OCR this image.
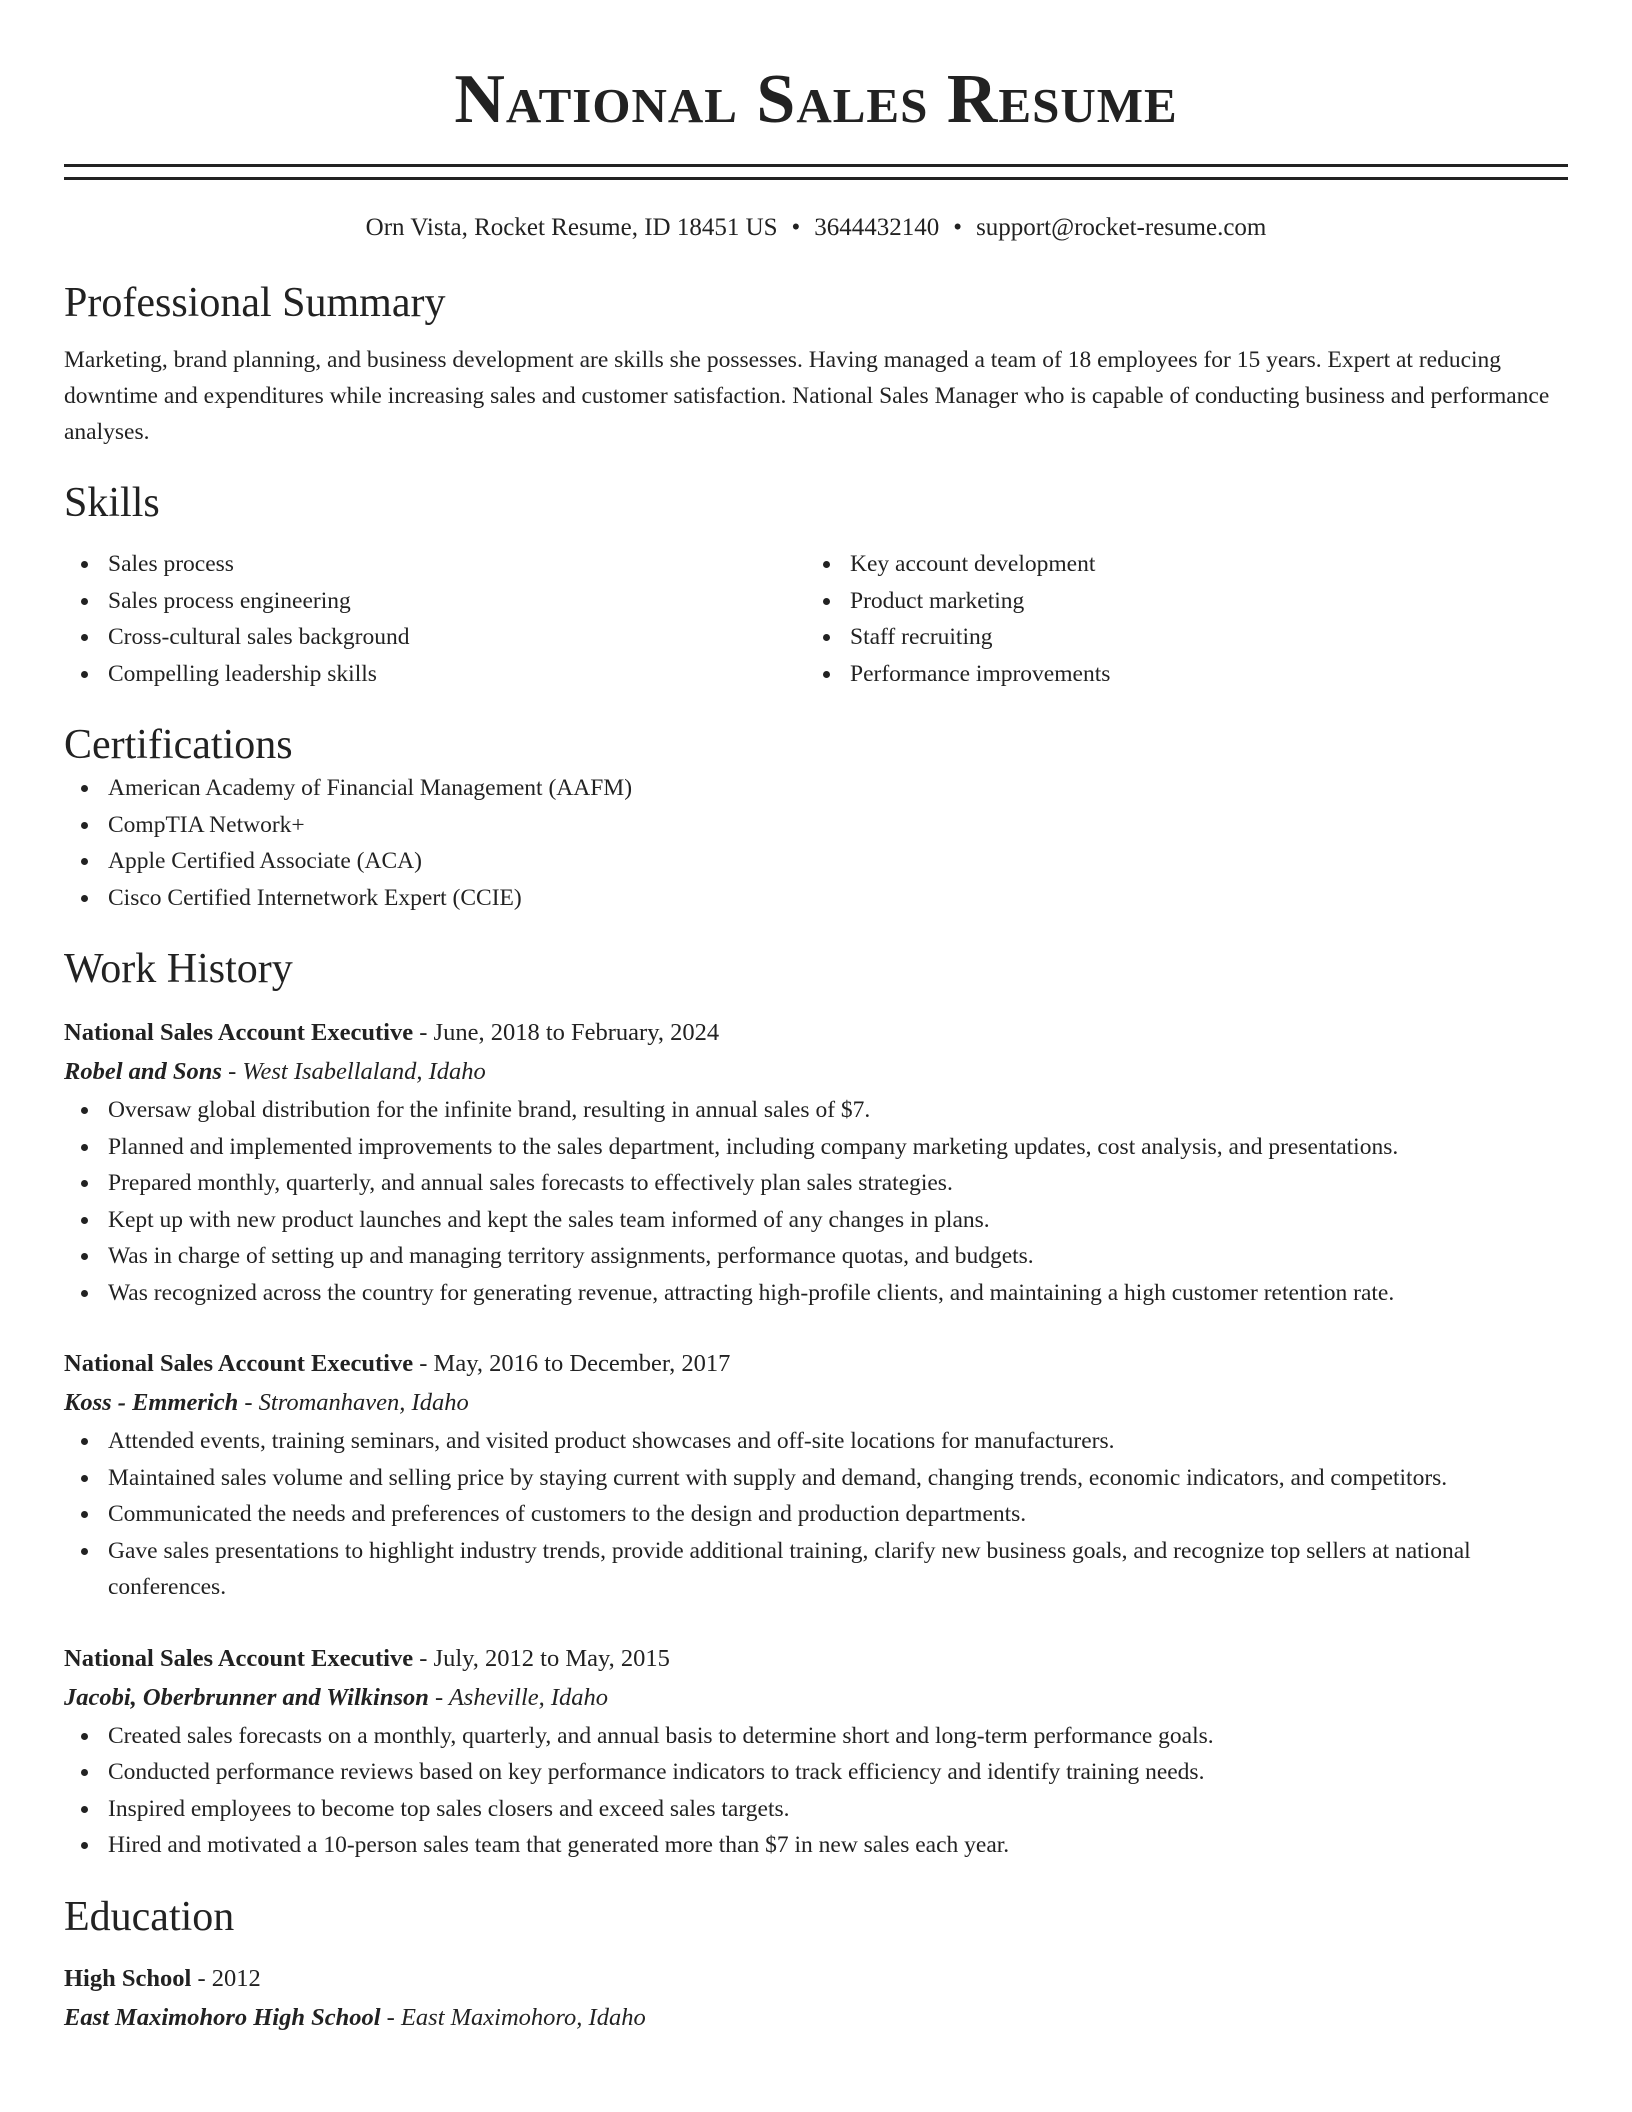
National Sales Resume
Orn Vista, Rocket Resume, ID 18451 US • 3644432140 • support@rocket-resume.com
Professional Summary
Marketing, brand planning, and business development are skills she possesses. Having managed a team of 18 employees for 15 years. Expert at reducing downtime and expenditures while increasing sales and customer satisfaction. National Sales Manager who is capable of conducting business and performance analyses.
Skills
Sales process
Sales process engineering
Cross-cultural sales background
Compelling leadership skills
Key account development
Product marketing
Staff recruiting
Performance improvements
Certifications
American Academy of Financial Management (AAFM)
CompTIA Network+
Apple Certified Associate (ACA)
Cisco Certified Internetwork Expert (CCIE)
Work History
National Sales Account Executive - June, 2018 to February, 2024
Robel and Sons - West Isabellaland, Idaho
Oversaw global distribution for the infinite brand, resulting in annual sales of $7.
Planned and implemented improvements to the sales department, including company marketing updates, cost analysis, and presentations.
Prepared monthly, quarterly, and annual sales forecasts to effectively plan sales strategies.
Kept up with new product launches and kept the sales team informed of any changes in plans.
Was in charge of setting up and managing territory assignments, performance quotas, and budgets.
Was recognized across the country for generating revenue, attracting high-profile clients, and maintaining a high customer retention rate.
National Sales Account Executive - May, 2016 to December, 2017
Koss - Emmerich - Stromanhaven, Idaho
Attended events, training seminars, and visited product showcases and off-site locations for manufacturers.
Maintained sales volume and selling price by staying current with supply and demand, changing trends, economic indicators, and competitors.
Communicated the needs and preferences of customers to the design and production departments.
Gave sales presentations to highlight industry trends, provide additional training, clarify new business goals, and recognize top sellers at national conferences.
National Sales Account Executive - July, 2012 to May, 2015
Jacobi, Oberbrunner and Wilkinson - Asheville, Idaho
Created sales forecasts on a monthly, quarterly, and annual basis to determine short and long-term performance goals.
Conducted performance reviews based on key performance indicators to track efficiency and identify training needs.
Inspired employees to become top sales closers and exceed sales targets.
Hired and motivated a 10-person sales team that generated more than $7 in new sales each year.
Education
High School - 2012
East Maximohoro High School - East Maximohoro, Idaho
